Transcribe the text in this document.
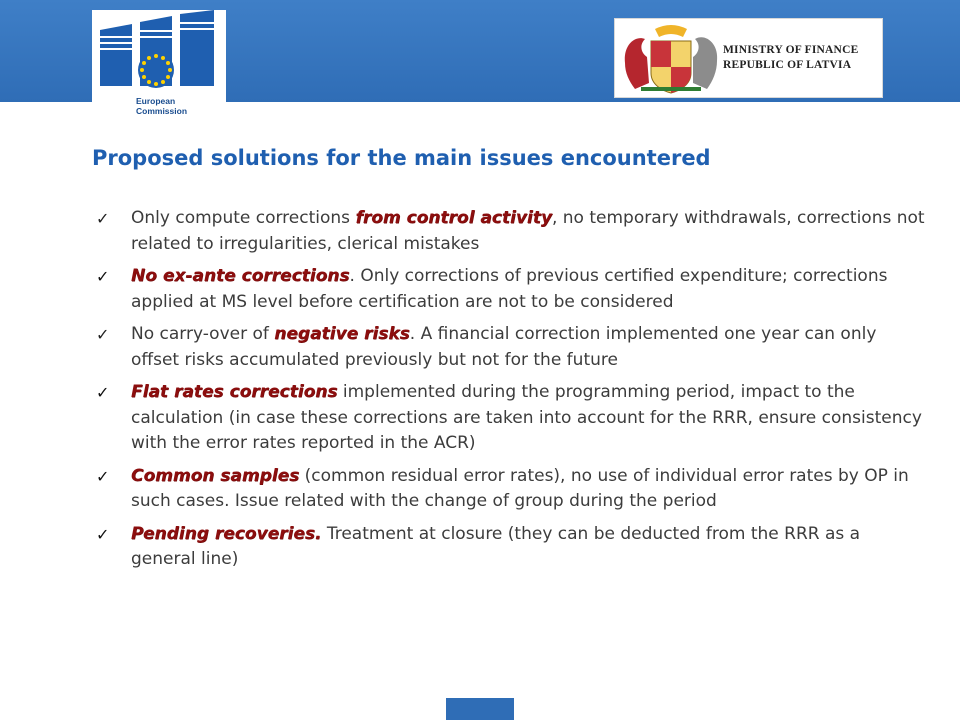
European
Commission
MINISTRY OF FINANCE
REPUBLIC OF LATVIA
Proposed solutions for the main issues encountered
✓ Only compute corrections from control activity, no temporary withdrawals, corrections not related to irregularities, clerical mistakes
✓ No ex-ante corrections. Only corrections of previous certified expenditure; corrections applied at MS level before certification are not to be considered
✓ No carry-over of negative risks. A financial correction implemented one year can only offset risks accumulated previously but not for the future
✓ Flat rates corrections implemented during the programming period, impact to the calculation (in case these corrections are taken into account for the RRR, ensure consistency with the error rates reported in the ACR)
✓ Common samples (common residual error rates), no use of individual error rates by OP in such cases. Issue related with the change of group during the period
✓ Pending recoveries. Treatment at closure (they can be deducted from the RRR as a general line)
